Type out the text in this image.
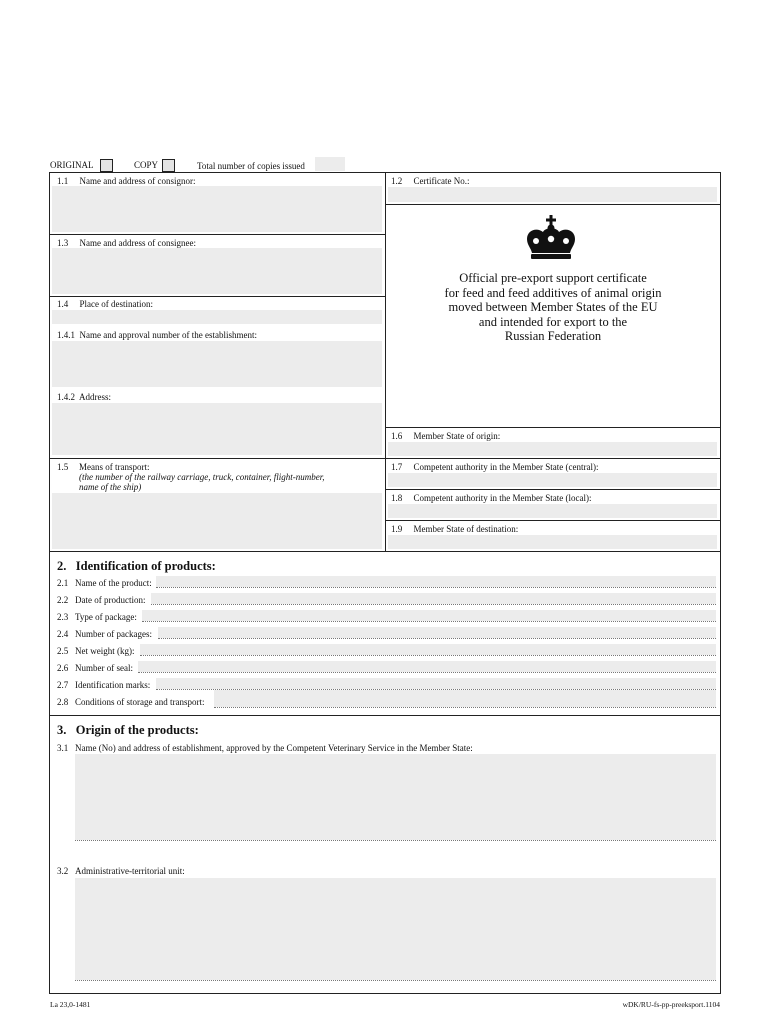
ORIGINAL	COPY	Total number of copies issued
1.1     Name and address of consignor:	1.2     Certificate No.:
1.3     Name and address of consignee:
1.4     Place of destination:
1.4.1  Name and approval number of the establishment:
1.4.2  Address:
Official pre-export support certificate
for feed and feed additives of animal origin
moved between Member States of the EU
and intended for export to the
Russian Federation
1.6     Member State of origin:
1.5 Means of transport:
(the number of the railway carriage, truck, container, flight-number,
name of the ship)
1.7     Competent authority in the Member State (central):
1.8     Competent authority in the Member State (local):
1.9     Member State of destination:
2.   Identification of products:
2.1 Name of the product:
2.2 Date of production:
2.3 Type of package:
2.4 Number of packages:
2.5 Net weight (kg):
2.6 Number of seal:
2.7 Identification marks:
2.8 Conditions of storage and transport:
3.   Origin of the products:
3.1 Name (No) and address of establishment, approved by the Competent Veterinary Service in the Member State:
3.2 Administrative-territorial unit:
La 23,0-1481	wDK/RU-fs-pp-preeksport.1104
